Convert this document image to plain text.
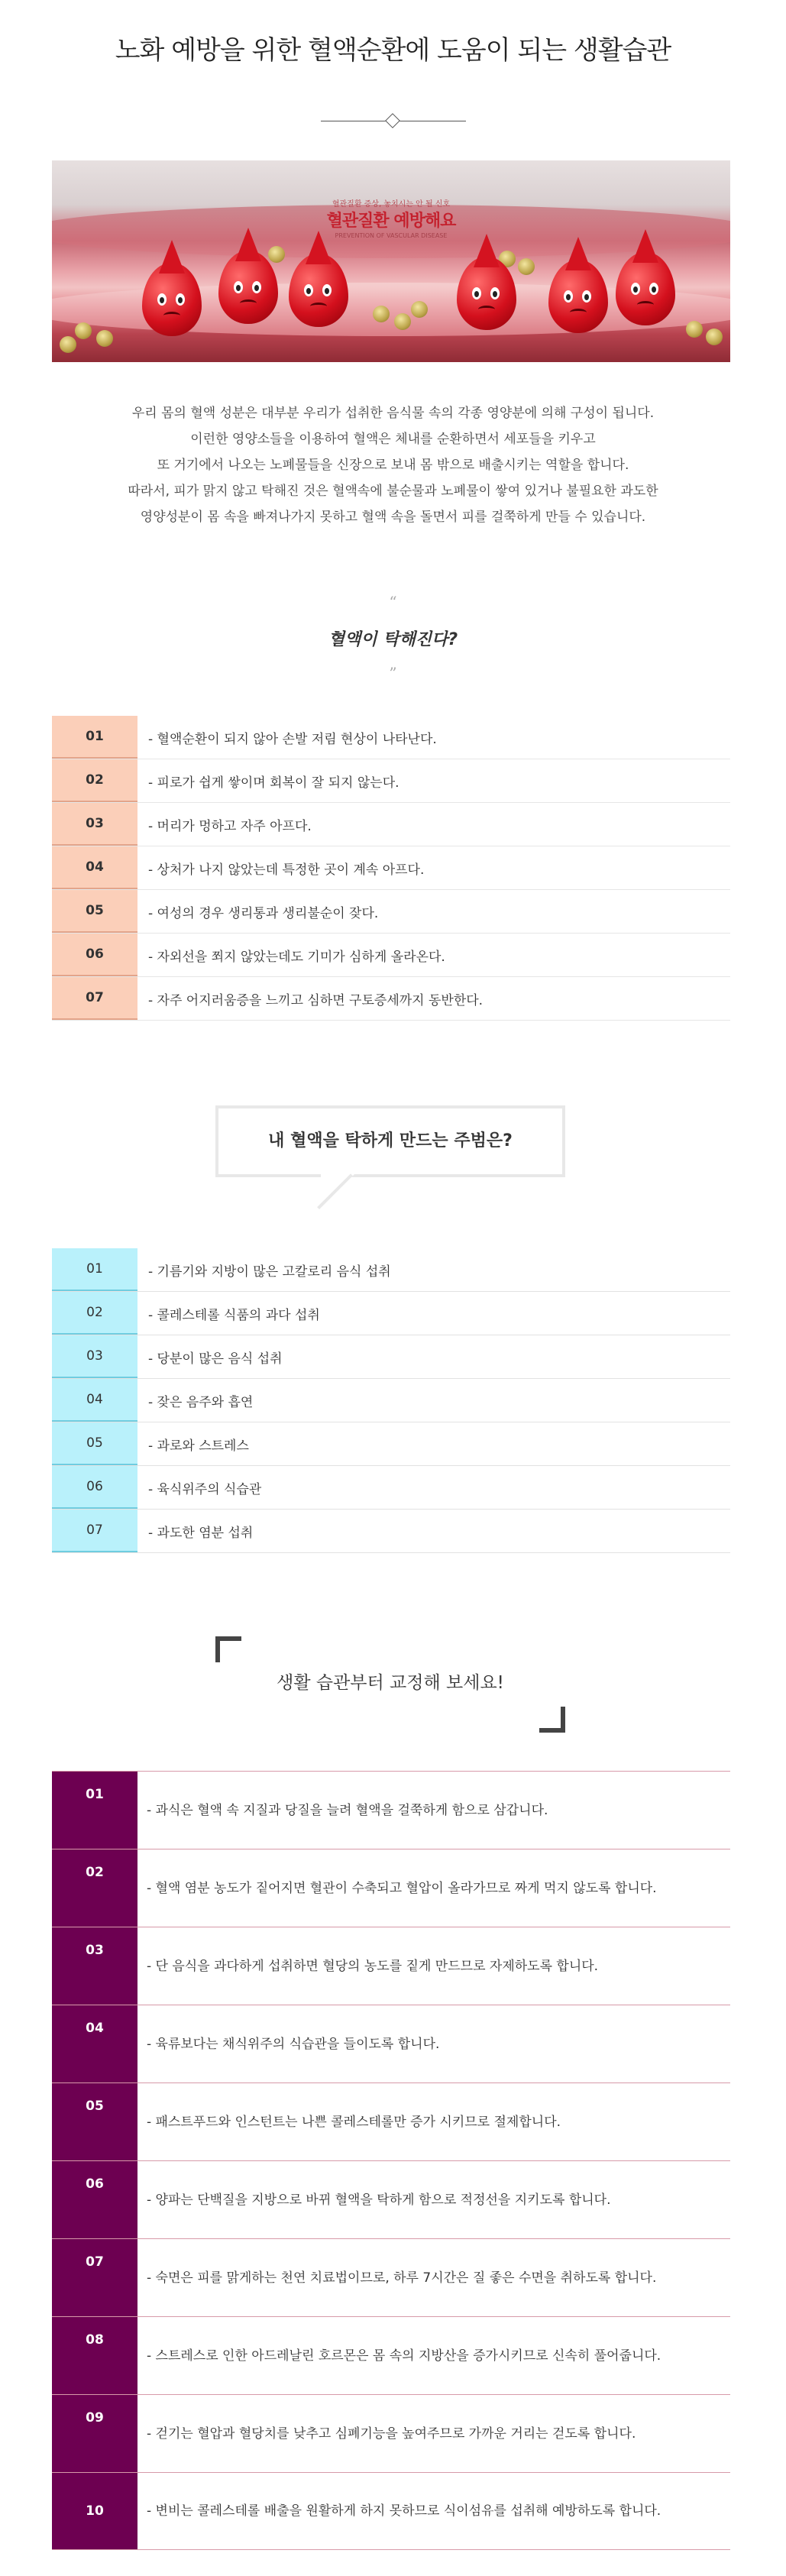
노화 예방을 위한 혈액순환에 도움이 되는 생활습관
혈관질환 증상, 놓치시는 안 될 신호
혈관질환 예방해요
PREVENTION OF VASCULAR DISEASE

우리 몸의 혈액 성분은 대부분 우리가 섭취한 음식물 속의 각종 영양분에 의해 구성이 됩니다.

이런한 영양소들을 이용하여 혈액은 체내를 순환하면서 세포들을 키우고

또 거기에서 나오는 노폐물들을 신장으로 보내 몸 밖으로 배출시키는 역할을 합니다.

따라서, 피가 맑지 않고 탁해진 것은 혈액속에 불순물과 노폐물이 쌓여 있거나 불필요한 과도한

영양성분이 몸 속을 빠져나가지 못하고 혈액 속을 돌면서 피를 걸쭉하게 만들 수 있습니다.

“
혈액이 탁해진다?
”
01	- 혈액순환이 되지 않아 손발 저림 현상이 나타난다.
02	- 피로가 쉽게 쌓이며 회복이 잘 되지 않는다.
03	- 머리가 멍하고 자주 아프다.
04	- 상처가 나지 않았는데 특정한 곳이 계속 아프다.
05	- 여성의 경우 생리통과 생리불순이 잦다.
06	- 자외선을 쬐지 않았는데도 기미가 심하게 올라온다.
07	- 자주 어지러움증을 느끼고 심하면 구토증세까지 동반한다.
내 혈액을 탁하게 만드는 주범은?
01	- 기름기와 지방이 많은 고칼로리 음식 섭취
02	- 콜레스테롤 식품의 과다 섭취
03	- 당분이 많은 음식 섭취
04	- 잦은 음주와 흡연
05	- 과로와 스트레스
06	- 육식위주의 식습관
07	- 과도한 염분 섭취
생활 습관부터 교정해 보세요!
01
- 과식은 혈액 속 지질과 당질을 늘려 혈액을 걸쭉하게 함으로 삼갑니다.
02
- 혈액 염분 농도가 짙어지면 혈관이 수축되고 혈압이 올라가므로 짜게 먹지 않도록 합니다.
03
- 단 음식을 과다하게 섭취하면 혈당의 농도를 짙게 만드므로 자제하도록 합니다.
04
- 육류보다는 채식위주의 식습관을 들이도록 합니다.
05
- 패스트푸드와 인스턴트는 나쁜 콜레스테롤만 증가 시키므로 절제합니다.
06
- 양파는 단백질을 지방으로 바뀌 혈액을 탁하게 함으로 적정선을 지키도록 합니다.
07
- 숙면은 피를 맑게하는 천연 치료법이므로, 하루 7시간은 질 좋은 수면을 취하도록 합니다.
08
- 스트레스로 인한 아드레날린 호르몬은 몸 속의 지방산을 증가시키므로 신속히 풀어줍니다.
09
- 걷기는 혈압과 혈당치를 낮추고 심폐기능을 높여주므로 가까운 거리는 걷도록 합니다.
10	- 변비는 콜레스테롤 배출을 원활하게 하지 못하므로 식이섬유를 섭취해 예방하도록 합니다.
